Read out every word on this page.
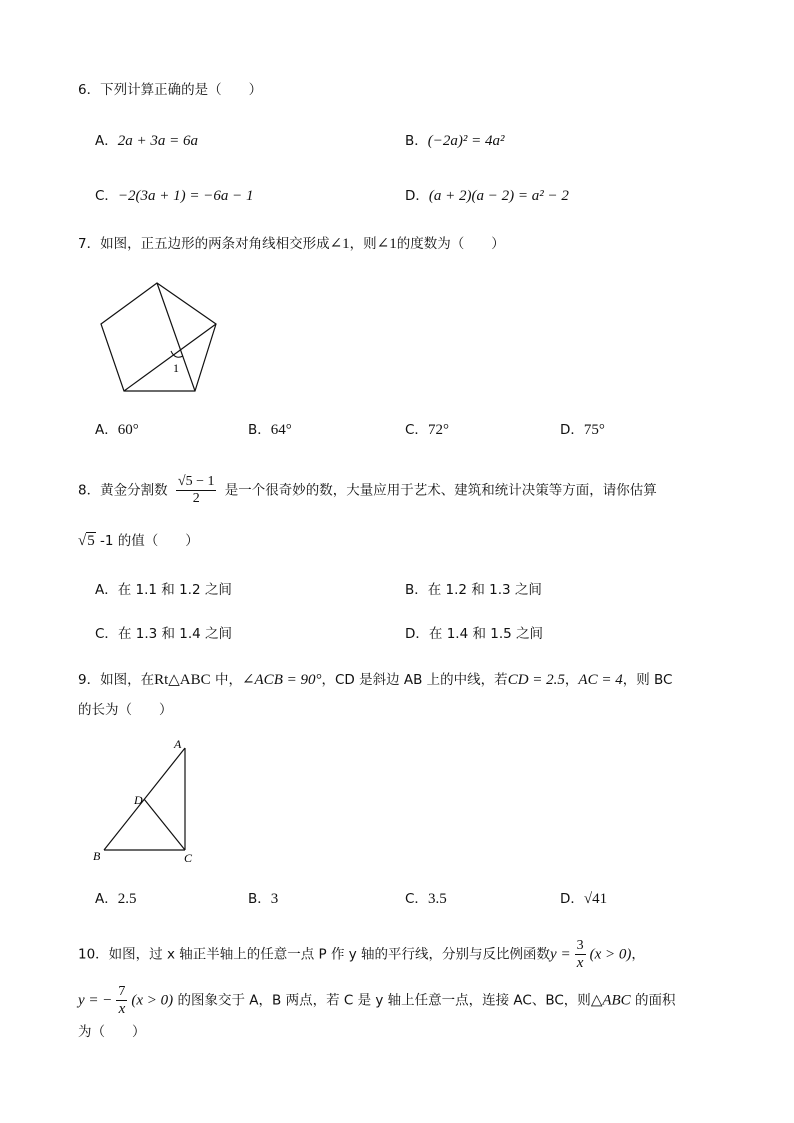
6．下列计算正确的是（　　）
A．2a + 3a = 6a	B．(−2a)² = 4a²
C．−2(3a + 1) = −6a − 1	D．(a + 2)(a − 2) = a² − 2
7．如图，正五边形的两条对角线相交形成∠1，则∠1的度数为（　　）
1
A．60°	B．64°	C．72°	D．75°
8．黄金分割数 $\frac{√5 - 1}{2}$ 是一个很奇妙的数，大量应用于艺术、建筑和统计决策等方面，请你估算
√5 -1 的值（　　）
A．在 1.1 和 1.2 之间	B．在 1.2 和 1.3 之间
C．在 1.3 和 1.4 之间	D．在 1.4 和 1.5 之间
9．如图，在Rt△ABC 中，∠ACB = 90°，CD 是斜边 AB 上的中线，若CD = 2.5，AC = 4，则 BC
的长为（　　）
A
B	C
D
A．2.5	B．3	C．3.5	D．√41
10．如图，过 x 轴正半轴上的任意一点 P 作 y 轴的平行线，分别与反比例函数$y = \frac{3}{x} (x > 0)$，
y = − $\frac{7}{x} (x > 0)$ 的图象交于 A，B 两点，若 C 是 y 轴上任意一点，连接 AC、BC，则△ABC 的面积
为（　　）
